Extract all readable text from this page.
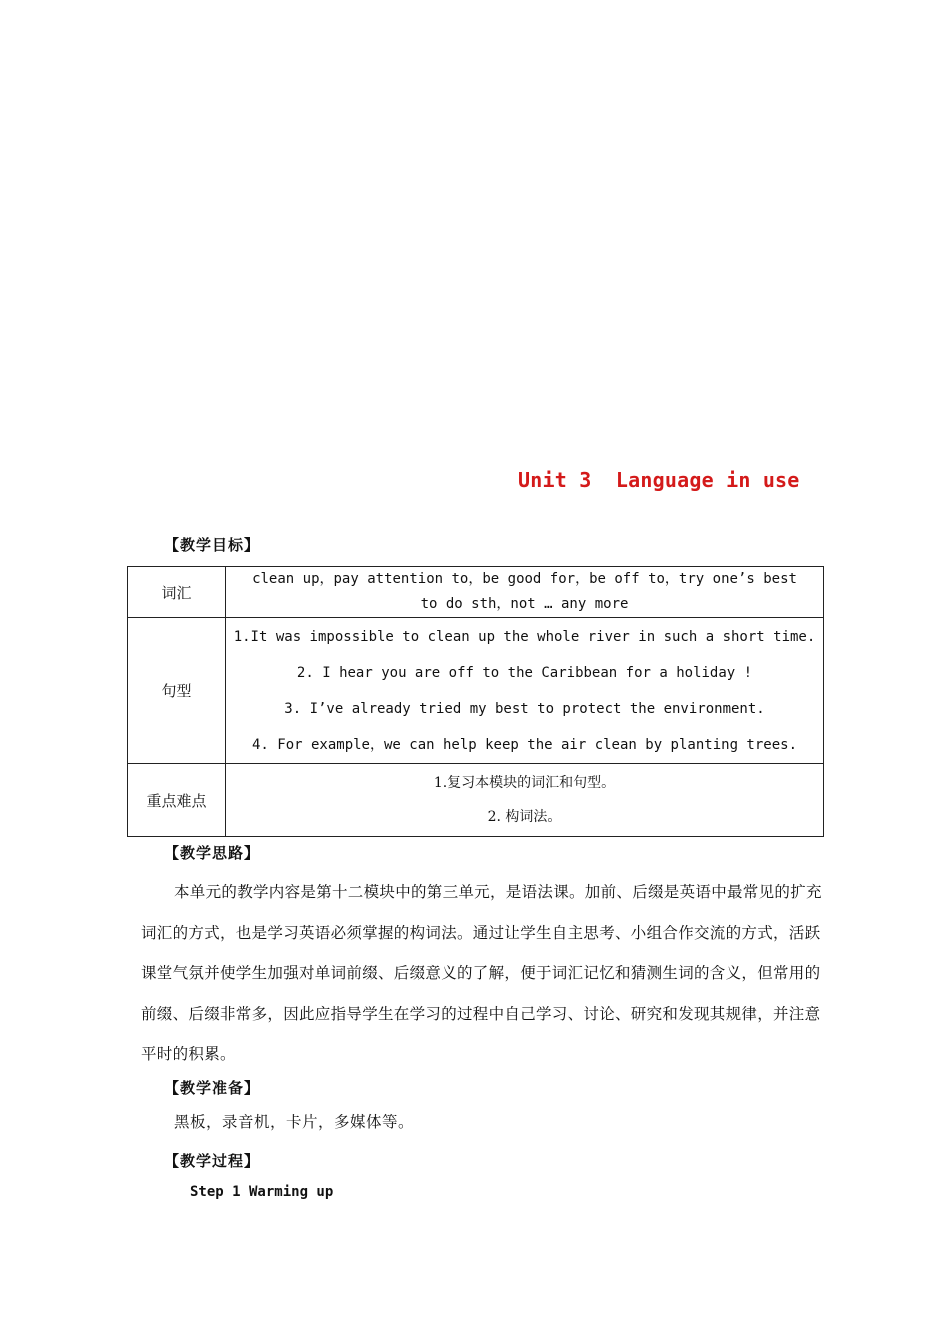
Unit 3  Language in use
【教学目标】
词汇	clean up，pay attention to，be good for，be off to，try one’s best
to do sth，not … any more

句型	1.It was impossible to clean up the whole river in such a short time.
2. I hear you are off to the Caribbean for a holiday !
3. I’ve already tried my best to protect the environment.
4. For example，we can help keep the air clean by planting trees.

重点难点	1.复习本模块的词汇和句型。
2. 构词法。
【教学思路】
本单元的教学内容是第十二模块中的第三单元，是语法课。加前、后缀是英语中最常见的扩充词汇的方式，也是学习英语必须掌握的构词法。通过让学生自主思考、小组合作交流的方式，活跃课堂气氛并使学生加强对单词前缀、后缀意义的了解，便于词汇记忆和猜测生词的含义，但常用的前缀、后缀非常多，因此应指导学生在学习的过程中自己学习、讨论、研究和发现其规律，并注意平时的积累。
【教学准备】
黑板，录音机，卡片，多媒体等。
【教学过程】
Step 1 Warming up
